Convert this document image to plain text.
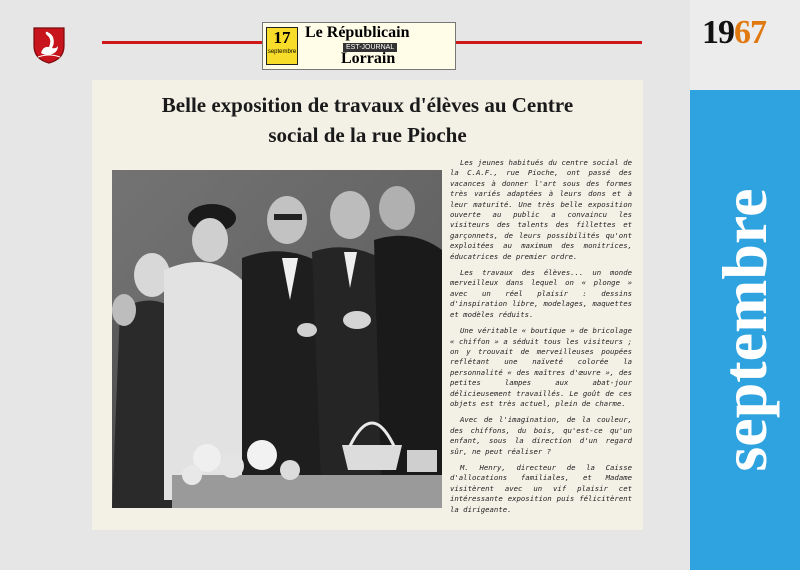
17
septembre
Le Républicain
EST-JOURNAL
Lorrain
1967
septembre
Belle exposition de travaux d'élèves au Centre
social de la rue Pioche

Les jeunes habitués du centre social de la C.A.F., rue Pioche, ont passé des vacances à donner l'art sous des formes très variés adaptées à leurs dons et à leur maturité. Une très belle exposition ouverte au public a convaincu les visiteurs des talents des fillettes et garçonnets, de leurs possibilités qu'ont exploitées au maximum des monitrices, éducatrices de premier ordre.

Les travaux des élèves... un monde merveilleux dans lequel on « plonge » avec un réel plaisir : dessins d'inspiration libre, modelages, maquettes et modèles réduits.

Une véritable « boutique » de bricolage « chiffon » a séduit tous les visiteurs ; on y trouvait de merveilleuses poupées reflétant une naïveté colorée la personnalité « des maîtres d'œuvre », des petites lampes aux abat-jour délicieusement travaillés. Le goût de ces objets est très actuel, plein de charme.

Avec de l'imagination, de la couleur, des chiffons, du bois, qu'est-ce qu'un enfant, sous la direction d'un regard sûr, ne peut réaliser ?

M. Henry, directeur de la Caisse d'allocations familiales, et Madame visitèrent avec un vif plaisir cet intéressante exposition puis félicitèrent la dirigeante.
